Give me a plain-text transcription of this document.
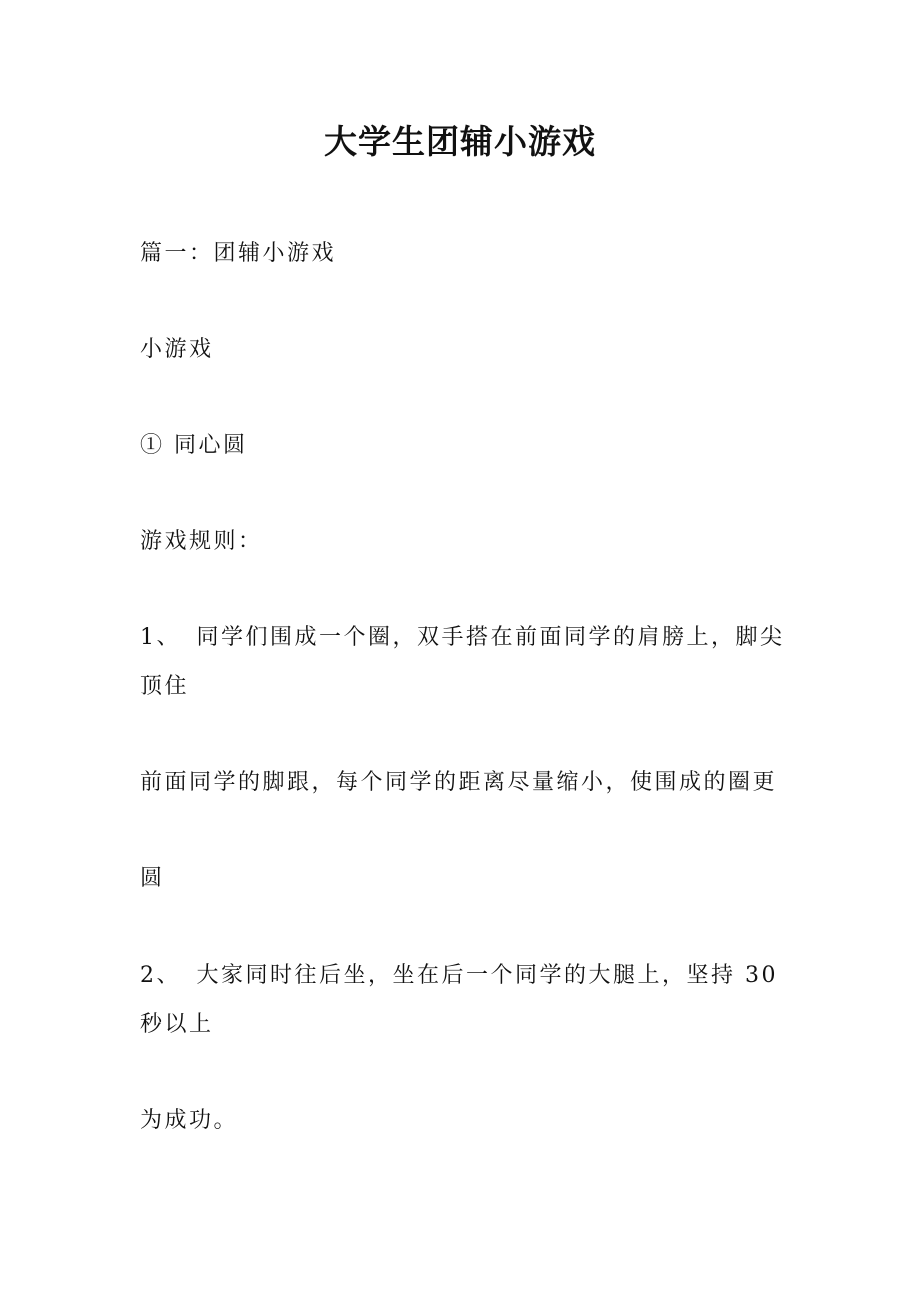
大学生团辅小游戏

篇一：团辅小游戏

小游戏

① 同心圆

游戏规则：

1、 同学们围成一个圈，双手搭在前面同学的肩膀上，脚尖

顶住

前面同学的脚跟，每个同学的距离尽量缩小，使围成的圈更

圆

2、 大家同时往后坐，坐在后一个同学的大腿上，坚持 30

秒以上

为成功。
